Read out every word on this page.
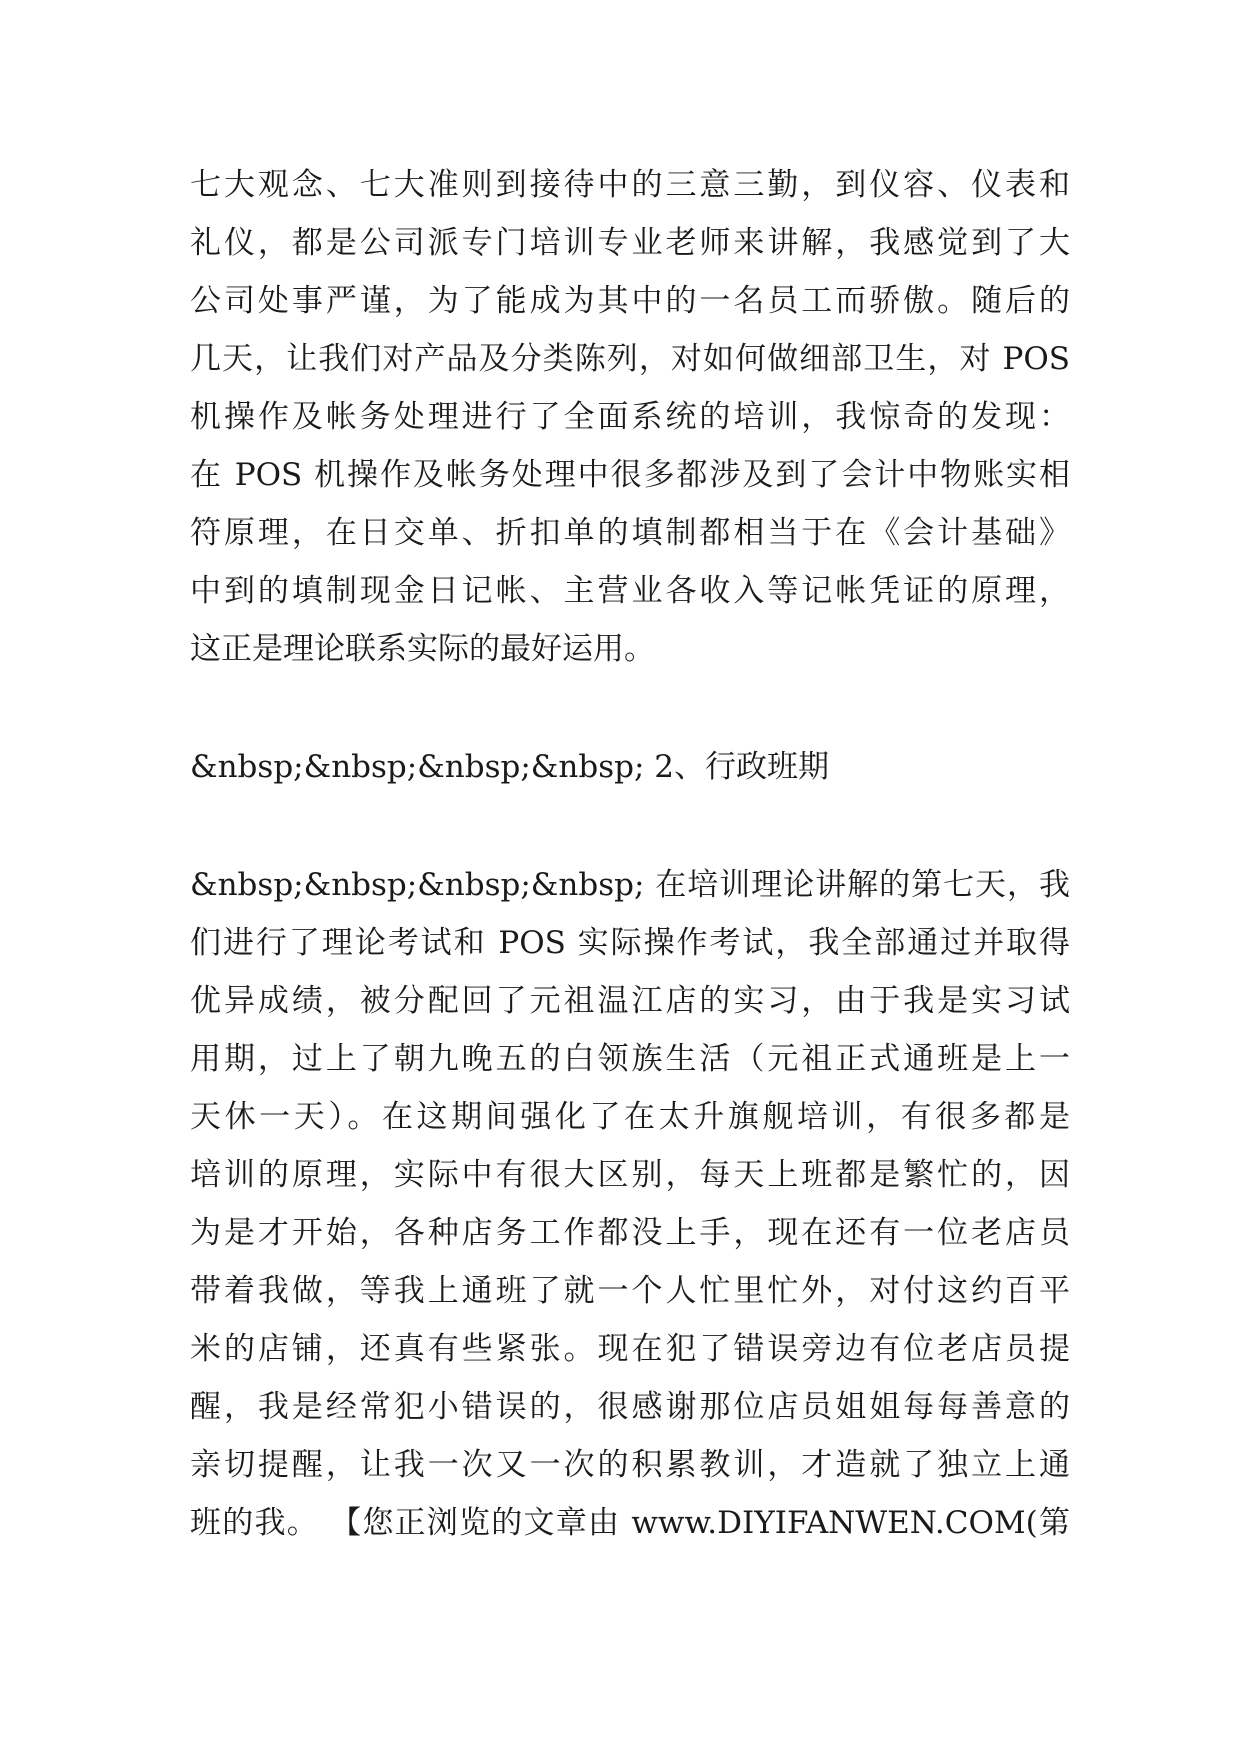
七大观念、七大准则到接待中的三意三勤，到仪容、仪表和
礼仪，都是公司派专门培训专业老师来讲解，我感觉到了大
公司处事严谨，为了能成为其中的一名员工而骄傲。随后的
几天，让我们对产品及分类陈列，对如何做细部卫生，对 POS
机操作及帐务处理进行了全面系统的培训，我惊奇的发现：
在 POS 机操作及帐务处理中很多都涉及到了会计中物账实相
符原理，在日交单、折扣单的填制都相当于在《会计基础》
中到的填制现金日记帐、主营业各收入等记帐凭证的原理，
这正是理论联系实际的最好运用。
&nbsp;&nbsp;&nbsp;&nbsp; 2、行政班期
&nbsp;&nbsp;&nbsp;&nbsp; 在培训理论讲解的第七天，我
们进行了理论考试和 POS 实际操作考试，我全部通过并取得
优异成绩，被分配回了元祖温江店的实习，由于我是实习试
用期，过上了朝九晚五的白领族生活（元祖正式通班是上一
天休一天）。在这期间强化了在太升旗舰培训，有很多都是
培训的原理，实际中有很大区别，每天上班都是繁忙的，因
为是才开始，各种店务工作都没上手，现在还有一位老店员
带着我做，等我上通班了就一个人忙里忙外，对付这约百平
米的店铺，还真有些紧张。现在犯了错误旁边有位老店员提
醒，我是经常犯小错误的，很感谢那位店员姐姐每每善意的
亲切提醒，让我一次又一次的积累教训，才造就了独立上通
班的我。 【您正浏览的文章由 www.DIYIFANWEN.COM(第
